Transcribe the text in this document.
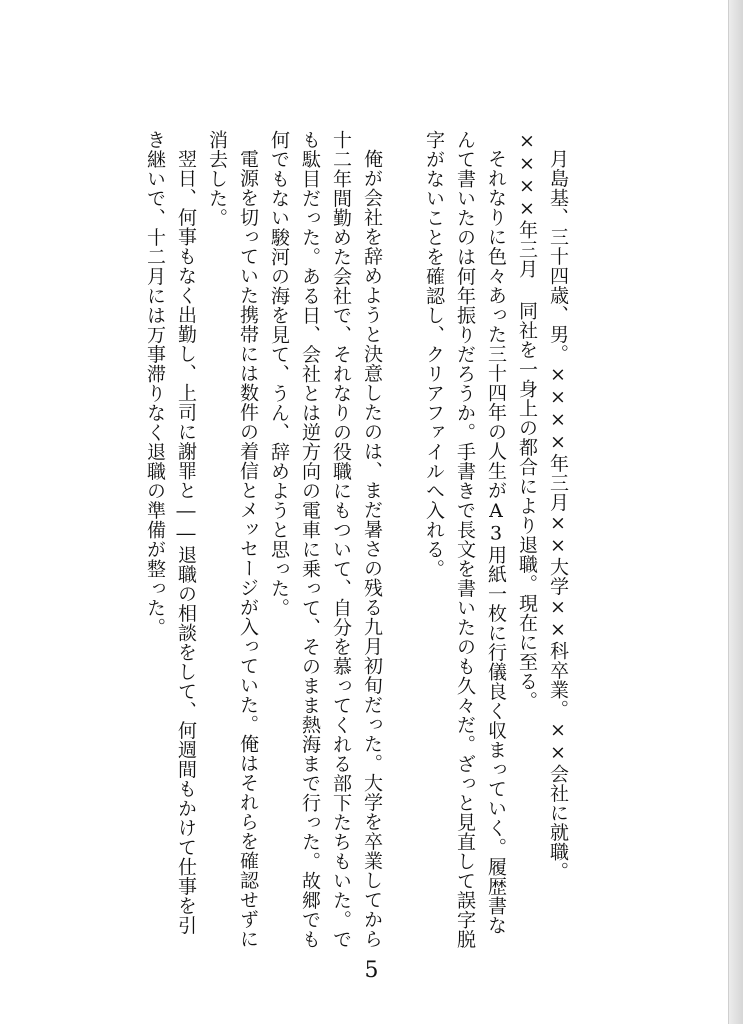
月島基、三十四歳、男。××××年三月××大学××科卒業。××会社に就職。××××年三月 同社を一身上の都合により退職。現在に至る。

それなりに色々あった三十四年の人生がA3用紙一枚に行儀良く収まっていく。履歴書なんて書いたのは何年振りだろうか。手書きで長文を書いたのも久々だ。ざっと見直して誤字脱字がないことを確認し、クリアファイルへ入れる。

俺が会社を辞めようと決意したのは、まだ暑さの残る九月初旬だった。大学を卒業してから十二年間勤めた会社で、それなりの役職にもついて、自分を慕ってくれる部下たちもいた。でも駄目だった。ある日、会社とは逆方向の電車に乗って、そのまま熱海まで行った。故郷でも何でもない駿河の海を見て、うん、辞めようと思った。

電源を切っていた携帯には数件の着信とメッセージが入っていた。俺はそれらを確認せずに消去した。

翌日、何事もなく出勤し、上司に謝罪と――退職の相談をして、何週間もかけて仕事を引き継いで、十二月には万事滞りなく退職の準備が整った。

5
